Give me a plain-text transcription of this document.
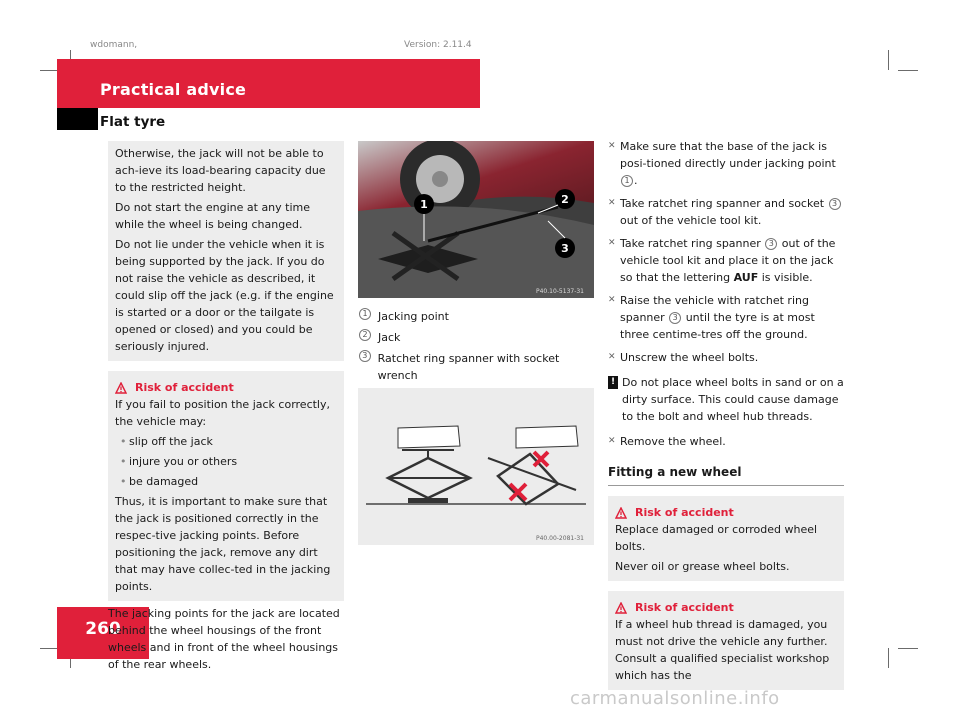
wdomann,	Version: 2.11.4
Practical advice
Flat tyre
260

Otherwise, the jack will not be able to ach-ieve its load-bearing capacity due to the restricted height.

Do not start the engine at any time while the wheel is being changed.

Do not lie under the vehicle when it is being supported by the jack. If you do not raise the vehicle as described, it could slip off the jack (e.g. if the engine is started or a door or the tailgate is opened or closed) and you could be seriously injured.

Risk of accident

If you fail to position the jack correctly, the vehicle may:

• slip off the jack

• injure you or others

• be damaged

Thus, it is important to make sure that the jack is positioned correctly in the respec-tive jacking points. Before positioning the jack, remove any dirt that may have collec-ted in the jacking points.

The jacking points for the jack are located behind the wheel housings of the front wheels and in front of the wheel housings of the rear wheels.

1	2
3
P40.10-5137-31
1 Jacking point
2 Jack
3 Ratchet ring spanner with socket wrench

P40.00-2081-31

✕ Make sure that the base of the jack is posi-tioned directly under jacking point 1 .

✕ Take ratchet ring spanner and socket 3 out of the vehicle tool kit.

✕ Take ratchet ring spanner 3 out of the vehicle tool kit and place it on the jack so that the lettering AUF is visible.

✕ Raise the vehicle with ratchet ring spanner 3 until the tyre is at most three centime-tres off the ground.

✕ Unscrew the wheel bolts.

! Do not place wheel bolts in sand or on a dirty surface. This could cause damage to the bolt and wheel hub threads.

✕ Remove the wheel.

Fitting a new wheel

Risk of accident

Replace damaged or corroded wheel bolts.

Never oil or grease wheel bolts.

Risk of accident

If a wheel hub thread is damaged, you must not drive the vehicle any further. Consult a qualified specialist workshop which has the

carmanualsonline.info
